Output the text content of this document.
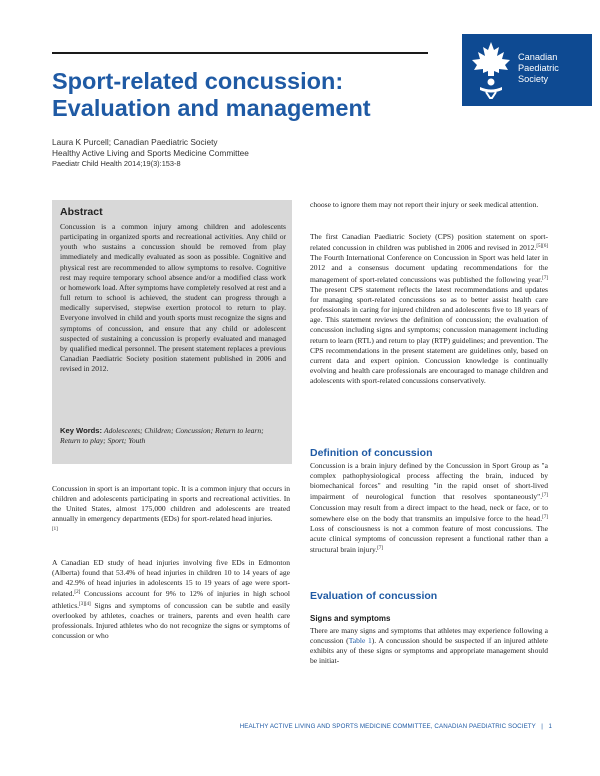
Canadian
Paediatric
Society
Sport-related concussion:
Evaluation and management
Laura K Purcell; Canadian Paediatric Society
Healthy Active Living and Sports Medicine Committee
Paediatr Child Health 2014;19(3):153-8
Abstract
Concussion is a common injury among children and adolescents participating in organized sports and recreational activities. Any child or youth who sustains a concussion should be removed from play immediately and medically evaluated as soon as possible. Cognitive and physical rest are recommended to allow symptoms to resolve. Cognitive rest may require temporary school absence and/or a modified class work or homework load. After symptoms have completely resolved at rest and a full return to school is achieved, the student can progress through a medically supervised, stepwise exertion protocol to return to play. Everyone involved in child and youth sports must recognize the signs and symptoms of concussion, and ensure that any child or adolescent suspected of sustaining a concussion is properly evaluated and managed by qualified medical personnel. The present statement replaces a previous Canadian Paediatric Society position statement published in 2006 and revised in 2012.
Key Words: Adolescents; Children; Concussion; Return to learn; Return to play; Sport; Youth
Concussion in sport is an important topic. It is a common injury that occurs in children and adolescents participating in sports and recreational activities. In the United States, almost 175,000 children and adolescents are treated annually in emergency departments (EDs) for sport-related head injuries.
[1]
A Canadian ED study of head injuries involving five EDs in Edmonton (Alberta) found that 53.4% of head injuries in children 10 to 14 years of age and 42.9% of head injuries in adolescents 15 to 19 years of age were sport-related.[2] Concussions account for 9% to 12% of injuries in high school athletics.[3][4] Signs and symptoms of concussion can be subtle and easily overlooked by athletes, coaches or trainers, parents and even health care professionals. Injured athletes who do not recognize the signs or symptoms of concussion or who
choose to ignore them may not report their injury or seek medical attention.
The first Canadian Paediatric Society (CPS) position statement on sport-related concussion in children was published in 2006 and revised in 2012.[5][6] The Fourth International Conference on Concussion in Sport was held later in 2012 and a consensus document updating recommendations for the management of sport-related concussions was published the following year.[7] The present CPS statement reflects the latest recommendations and updates for managing sport-related concussions so as to better assist health care professionals in caring for injured children and adolescents five to 18 years of age. This statement reviews the definition of concussion; the evaluation of concussion including signs and symptoms; concussion management including return to learn (RTL) and return to play (RTP) guidelines; and prevention. The CPS recommendations in the present statement are guidelines only, based on current data and expert opinion. Concussion knowledge is continually evolving and health care professionals are encouraged to manage children and adolescents with sport-related concussions conservatively.
Definition of concussion
Concussion is a brain injury defined by the Concussion in Sport Group as "a complex pathophysiological process affecting the brain, induced by biomechanical forces" and resulting "in the rapid onset of short-lived impairment of neurological function that resolves spontaneously".[7] Concussion may result from a direct impact to the head, neck or face, or to somewhere else on the body that transmits an impulsive force to the head.[7] Loss of consciousness is not a common feature of most concussions. The acute clinical symptoms of concussion represent a functional rather than a structural brain injury.[7]
Evaluation of concussion
Signs and symptoms
There are many signs and symptoms that athletes may experience following a concussion (Table 1). A concussion should be suspected if an injured athlete exhibits any of these signs or symptoms and appropriate management should be initiat-
HEALTHY ACTIVE LIVING AND SPORTS MEDICINE COMMITTEE, CANADIAN PAEDIATRIC SOCIETY | 1
